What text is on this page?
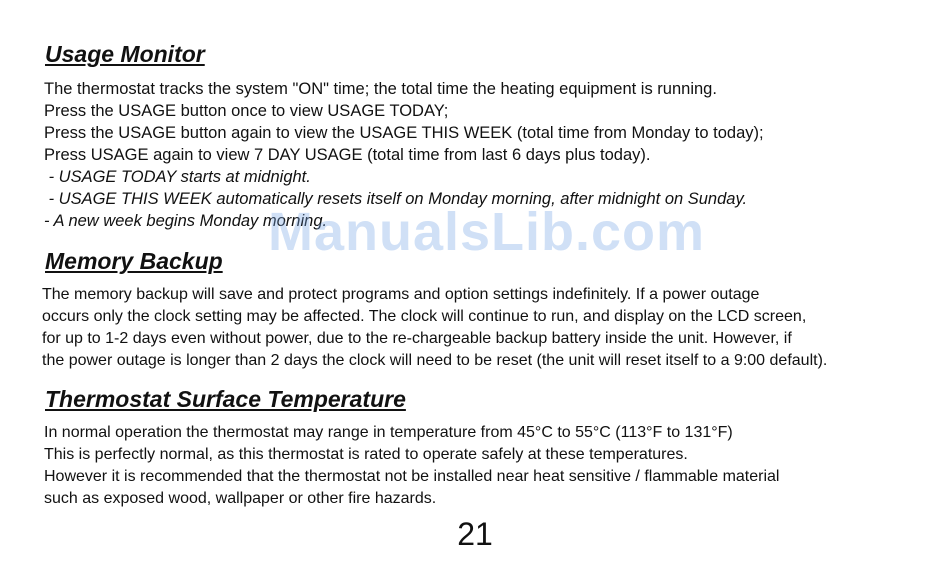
Usage Monitor
The thermostat tracks the system "ON" time; the total time the heating equipment is running.
Press the USAGE button once to view USAGE TODAY;
Press the USAGE button again to view the USAGE THIS WEEK (total time from Monday to today);
Press USAGE again to view 7 DAY USAGE (total time from last 6 days plus today).
- USAGE TODAY starts at midnight.
- USAGE THIS WEEK automatically resets itself on Monday morning, after midnight on Sunday.
- A new week begins Monday morning.
Memory Backup
The memory backup will save and protect programs and option settings indefinitely. If a power outage
occurs only the clock setting may be affected. The clock will continue to run, and display on the LCD screen,
for up to 1-2 days even without power, due to the re-chargeable backup battery inside the unit. However, if
the power outage is longer than 2 days the clock will need to be reset (the unit will reset itself to a 9:00 default).
Thermostat Surface Temperature
In normal operation the thermostat may range in temperature from 45°C to 55°C (113°F to 131°F)
This is perfectly normal, as this thermostat is rated to operate safely at these temperatures.
However it is recommended that the thermostat not be installed near heat sensitive / flammable material
such as exposed wood, wallpaper or other fire hazards.
21
ManualsLib.com
